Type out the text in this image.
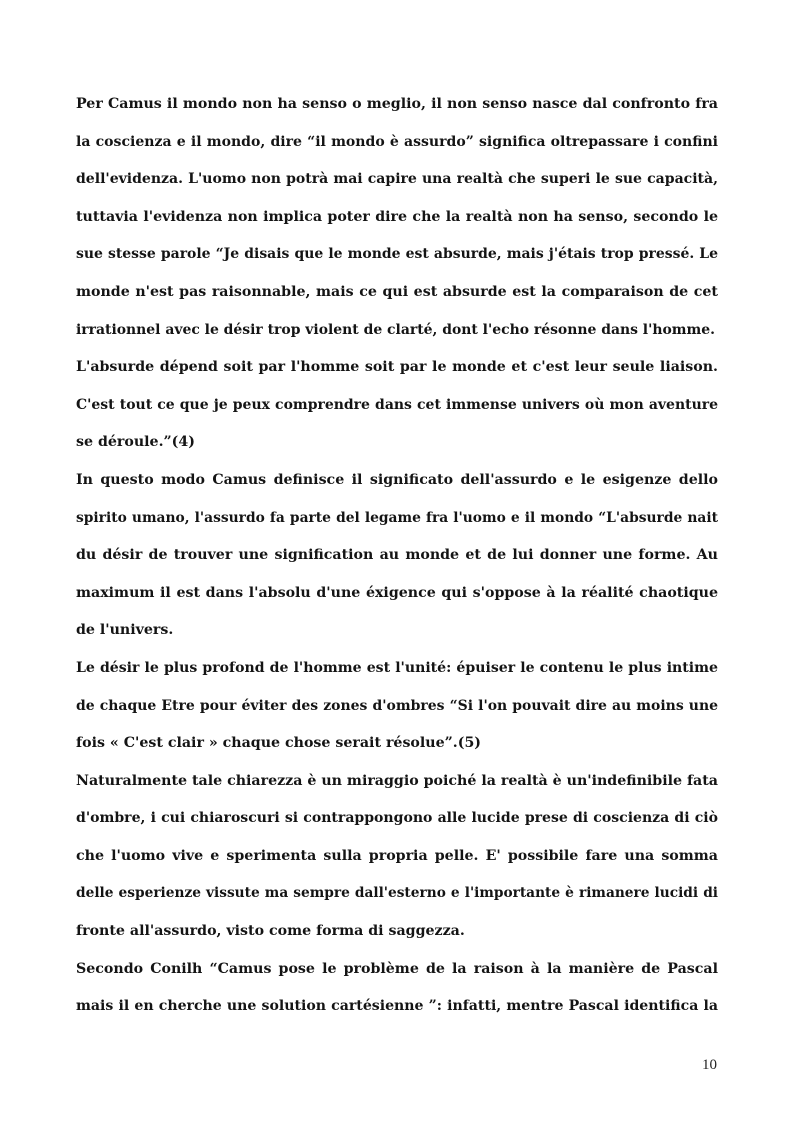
Per Camus il mondo non ha senso o meglio, il non senso nasce dal confronto fra
la coscienza e il mondo, dire “il mondo è assurdo” significa oltrepassare i confini
dell'evidenza. L'uomo non potrà mai capire una realtà che superi le sue capacità,
tuttavia l'evidenza non implica poter dire che la realtà non ha senso, secondo le
sue stesse parole “Je disais que le monde est absurde, mais j'étais trop pressé. Le
monde n'est pas raisonnable, mais ce qui est absurde est la comparaison de cet
irrationnel avec le désir trop violent de clarté, dont l'echo résonne dans l'homme.
L'absurde dépend soit par l'homme soit par le monde et c'est leur seule liaison.
C'est tout ce que je peux comprendre dans cet immense univers où mon aventure
se déroule.”(4)
In questo modo Camus definisce il significato dell'assurdo e le esigenze dello
spirito umano, l'assurdo fa parte del legame fra l'uomo e il mondo “L'absurde nait
du désir de trouver une signification au monde et de lui donner une forme. Au
maximum il est dans l'absolu d'une éxigence qui s'oppose à la réalité chaotique
de l'univers.
Le désir le plus profond de l'homme est l'unité: épuiser le contenu le plus intime
de chaque Etre pour éviter des zones d'ombres “Si l'on pouvait dire au moins une
fois « C'est clair » chaque chose serait résolue”.(5)
Naturalmente tale chiarezza è un miraggio poiché la realtà è un'indefinibile fata
d'ombre, i cui chiaroscuri si contrappongono alle lucide prese di coscienza di ciò
che l'uomo vive e sperimenta sulla propria pelle. E' possibile fare una somma
delle esperienze vissute ma sempre dall'esterno e l'importante è rimanere lucidi di
fronte all'assurdo, visto come forma di saggezza.
Secondo Conilh “Camus pose le problème de la raison à la manière de Pascal
mais il en cherche une solution cartésienne ”: infatti, mentre Pascal identifica la
10
